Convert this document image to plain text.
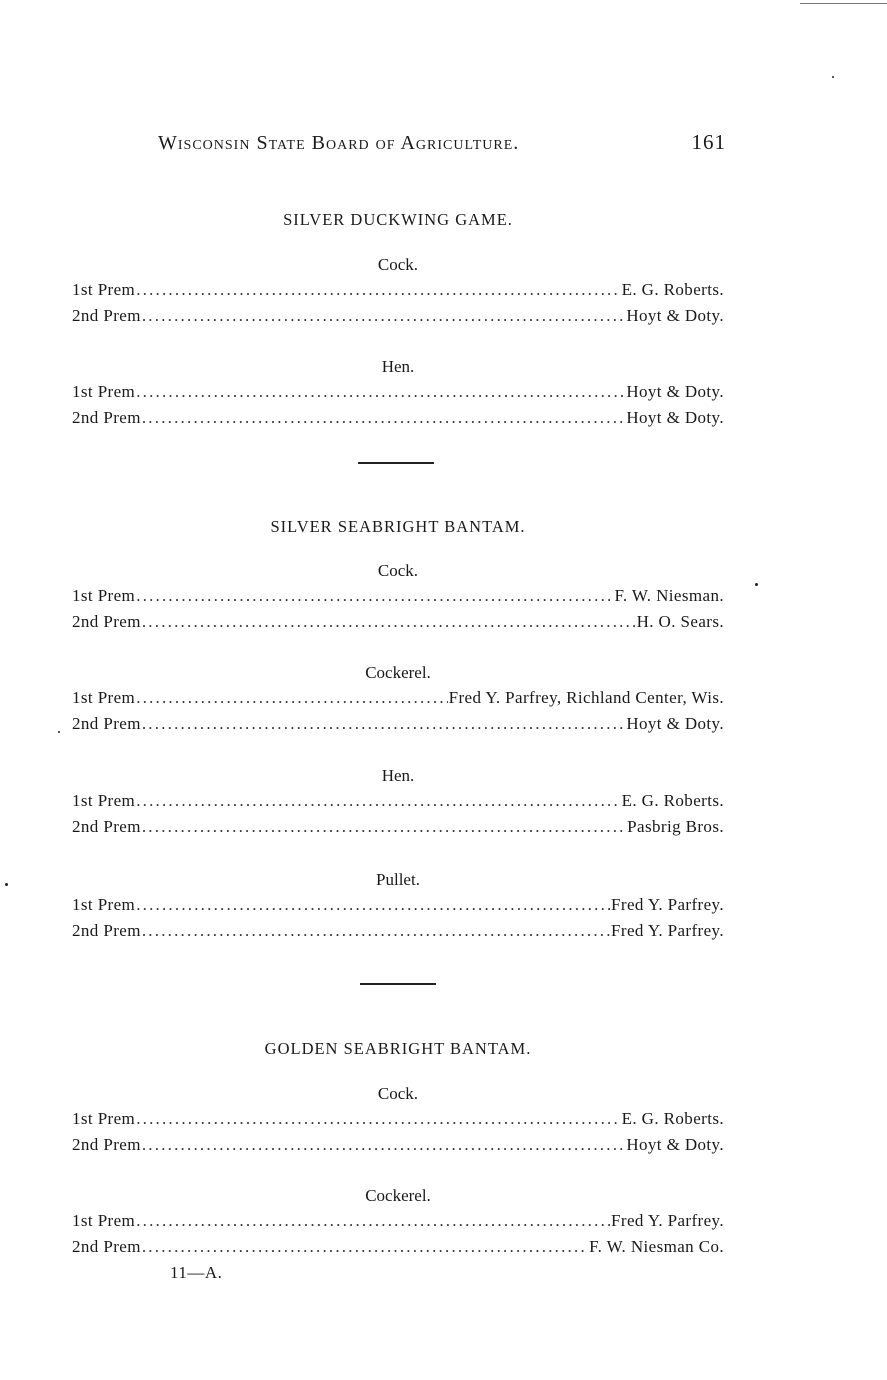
Wisconsin State Board of Agriculture.	161
SILVER DUCKWING GAME.
Cock.
1st Prem .....	E. G. Roberts.
2nd Prem .....	Hoyt & Doty.
Hen.
1st Prem .....	Hoyt & Doty.
2nd Prem .....	Hoyt & Doty.
SILVER SEABRIGHT BANTAM.
Cock.
1st Prem .....	F. W. Niesman.
2nd Prem .....	H. O. Sears.
Cockerel.
1st Prem .....	Fred Y. Parfrey, Richland Center, Wis.
2nd Prem .....	Hoyt & Doty.
Hen.
1st Prem .....	E. G. Roberts.
2nd Prem .....	Pasbrig Bros.
Pullet.
1st Prem .....	Fred Y. Parfrey.
2nd Prem .....	Fred Y. Parfrey.
GOLDEN SEABRIGHT BANTAM.
Cock.
1st Prem .....	E. G. Roberts.
2nd Prem .....	Hoyt & Doty.
Cockerel.
1st Prem .....	Fred Y. Parfrey.
2nd Prem .....	F. W. Niesman Co.
11—A.
